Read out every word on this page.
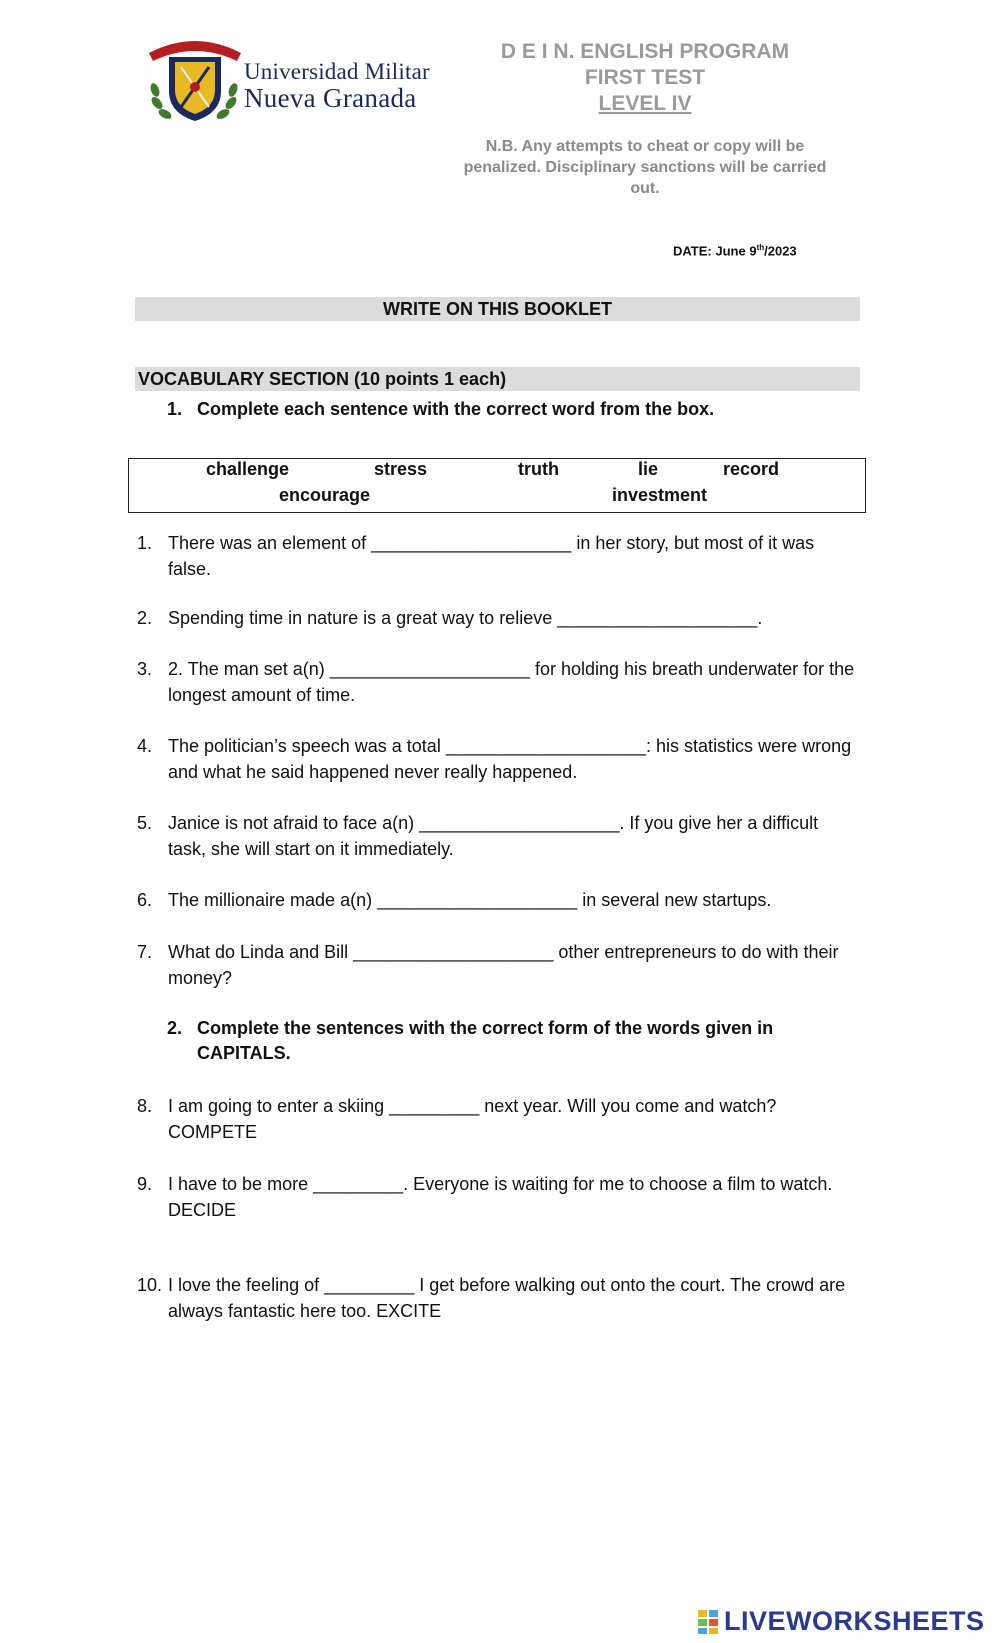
Universidad Militar
Nueva Granada
D E I N. ENGLISH PROGRAM
FIRST TEST
LEVEL IV
N.B. Any attempts to cheat or copy will be penalized. Disciplinary sanctions will be carried out.
DATE: June 9th/2023
WRITE ON THIS BOOKLET
VOCABULARY SECTION (10 points 1 each)
1. Complete each sentence with the correct word from the box.
challenge	stress	truth	lie	record
encourage	investment
1. There was an element of ____________________ in her story, but most of it was false.
2. Spending time in nature is a great way to relieve ____________________.
3. 2. The man set a(n) ____________________ for holding his breath underwater for the longest amount of time.
4. The politician’s speech was a total ____________________: his statistics were wrong and what he said happened never really happened.
5. Janice is not afraid to face a(n) ____________________. If you give her a difficult task, she will start on it immediately.
6. The millionaire made a(n) ____________________ in several new startups.
7. What do Linda and Bill ____________________ other entrepreneurs to do with their money?
2. Complete the sentences with the correct form of the words given in CAPITALS.
8. I am going to enter a skiing _________ next year. Will you come and watch? COMPETE
9. I have to be more _________. Everyone is waiting for me to choose a film to watch. DECIDE
10. I love the feeling of _________ I get before walking out onto the court. The crowd are always fantastic here too. EXCITE
LIVEWORKSHEETS
